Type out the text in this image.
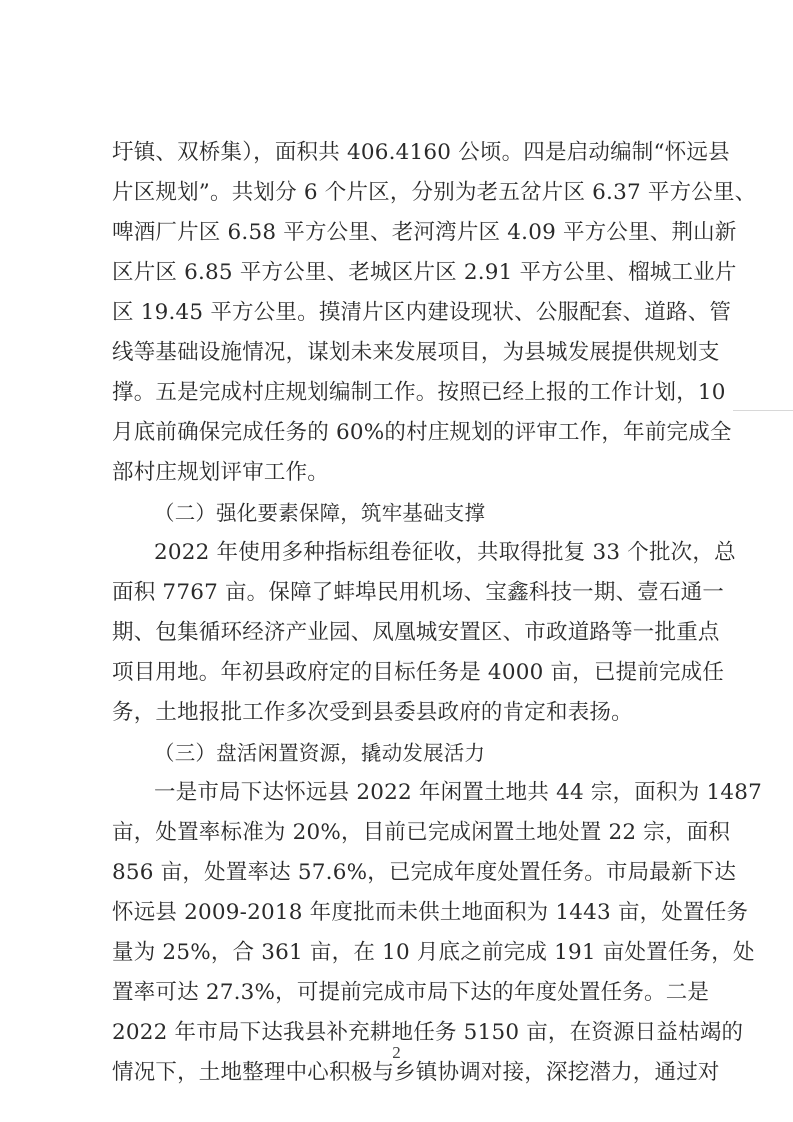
圩镇、双桥集），面积共 406.4160 公顷。四是启动编制“怀远县
片区规划”。共划分 6 个片区，分别为老五岔片区 6.37 平方公里、
啤酒厂片区 6.58 平方公里、老河湾片区 4.09 平方公里、荆山新
区片区 6.85 平方公里、老城区片区 2.91 平方公里、榴城工业片
区 19.45 平方公里。摸清片区内建设现状、公服配套、道路、管
线等基础设施情况，谋划未来发展项目，为县城发展提供规划支
撑。五是完成村庄规划编制工作。按照已经上报的工作计划，10
月底前确保完成任务的 60%的村庄规划的评审工作，年前完成全
部村庄规划评审工作。
（二）强化要素保障，筑牢基础支撑
2022 年使用多种指标组卷征收，共取得批复 33 个批次，总
面积 7767 亩。保障了蚌埠民用机场、宝鑫科技一期、壹石通一
期、包集循环经济产业园、凤凰城安置区、市政道路等一批重点
项目用地。年初县政府定的目标任务是 4000 亩，已提前完成任
务，土地报批工作多次受到县委县政府的肯定和表扬。
（三）盘活闲置资源，撬动发展活力
一是市局下达怀远县 2022 年闲置土地共 44 宗，面积为 1487
亩，处置率标准为 20%，目前已完成闲置土地处置 22 宗，面积
856 亩，处置率达 57.6%，已完成年度处置任务。市局最新下达
怀远县 2009-2018 年度批而未供土地面积为 1443 亩，处置任务
量为 25%，合 361 亩，在 10 月底之前完成 191 亩处置任务，处
置率可达 27.3%，可提前完成市局下达的年度处置任务。二是
2022 年市局下达我县补充耕地任务 5150 亩，在资源日益枯竭的
情况下，土地整理中心积极与乡镇协调对接，深挖潜力，通过对
2
